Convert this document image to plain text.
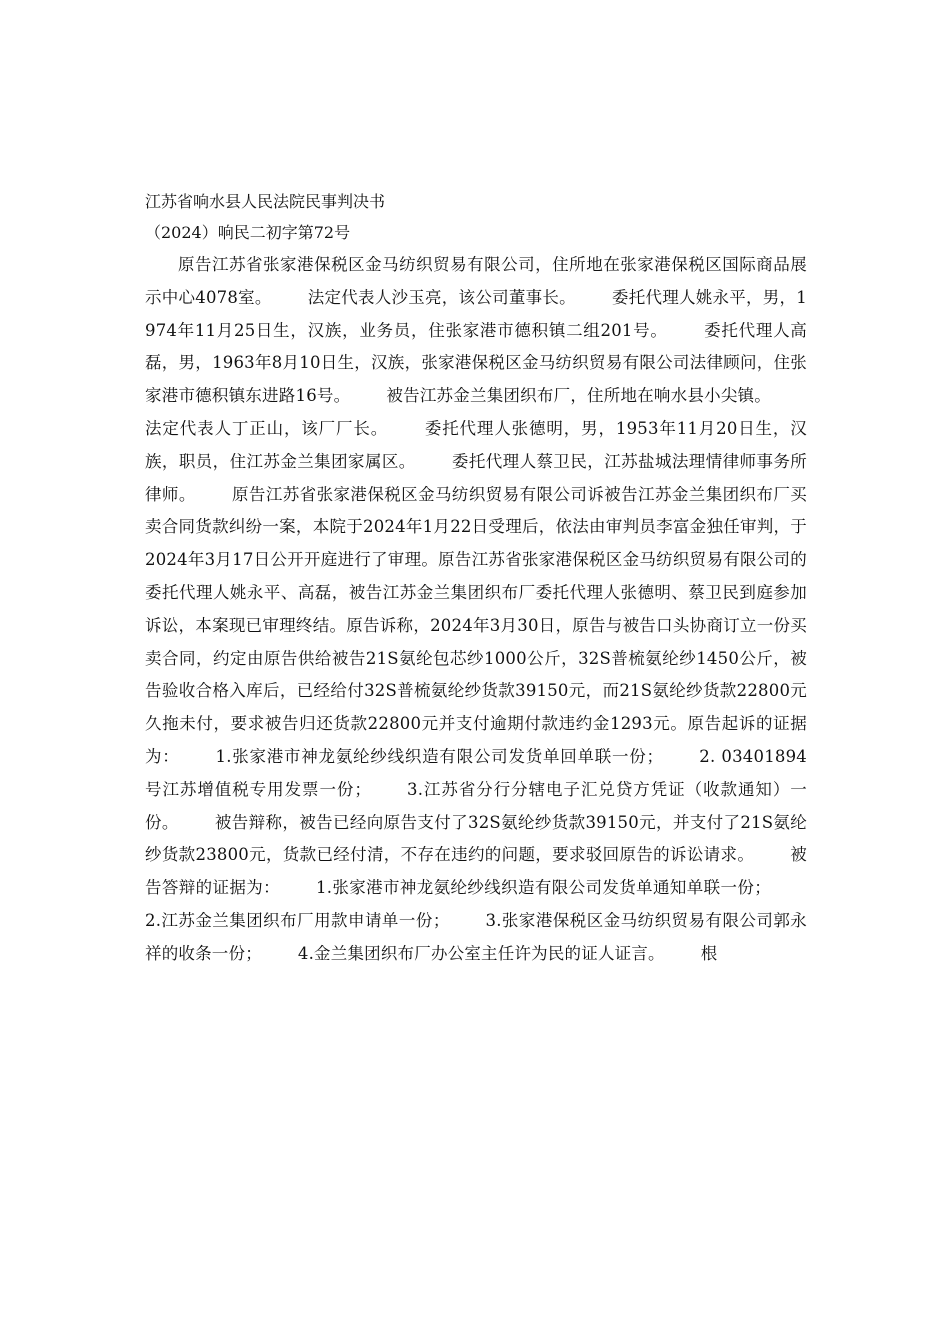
江苏省响水县人民法院民事判决书

（2024）响民二初字第72号

原告江苏省张家港保税区金马纺织贸易有限公司，住所地在张家港保税区国际商品展示中心4078室。 法定代表人沙玉亮，该公司董事长。 委托代理人姚永平，男，1974年11月25日生，汉族，业务员，住张家港市德积镇二组201号。 委托代理人高磊，男，1963年8月10日生，汉族，张家港保税区金马纺织贸易有限公司法律顾问，住张家港市德积镇东进路16号。 被告江苏金兰集团织布厂，住所地在响水县小尖镇。法定代表人丁正山，该厂厂长。 委托代理人张德明，男，1953年11月20日生，汉族，职员，住江苏金兰集团家属区。 委托代理人蔡卫民，江苏盐城法理情律师事务所律师。 原告江苏省张家港保税区金马纺织贸易有限公司诉被告江苏金兰集团织布厂买卖合同货款纠纷一案，本院于2024年1月22日受理后，依法由审判员李富金独任审判，于2024年3月17日公开开庭进行了审理。原告江苏省张家港保税区金马纺织贸易有限公司的委托代理人姚永平、高磊，被告江苏金兰集团织布厂委托代理人张德明、蔡卫民到庭参加诉讼，本案现已审理终结。原告诉称，2024年3月30日，原告与被告口头协商订立一份买卖合同，约定由原告供给被告21S氨纶包芯纱1000公斤，32S普梳氨纶纱1450公斤，被告验收合格入库后，已经给付32S普梳氨纶纱货款39150元，而21S氨纶纱货款22800元久拖未付，要求被告归还货款22800元并支付逾期付款违约金1293元。原告起诉的证据为： 1.张家港市神龙氨纶纱线织造有限公司发货单回单联一份； 2. 03401894号江苏增值税专用发票一份； 3.江苏省分行分辖电子汇兑贷方凭证（收款通知）一份。 被告辩称，被告已经向原告支付了32S氨纶纱货款39150元，并支付了21S氨纶纱货款23800元，货款已经付清，不存在违约的问题，要求驳回原告的诉讼请求。 被告答辩的证据为： 1.张家港市神龙氨纶纱线织造有限公司发货单通知单联一份；2.江苏金兰集团织布厂用款申请单一份； 3.张家港保税区金马纺织贸易有限公司郭永祥的收条一份； 4.金兰集团织布厂办公室主任许为民的证人证言。 根
